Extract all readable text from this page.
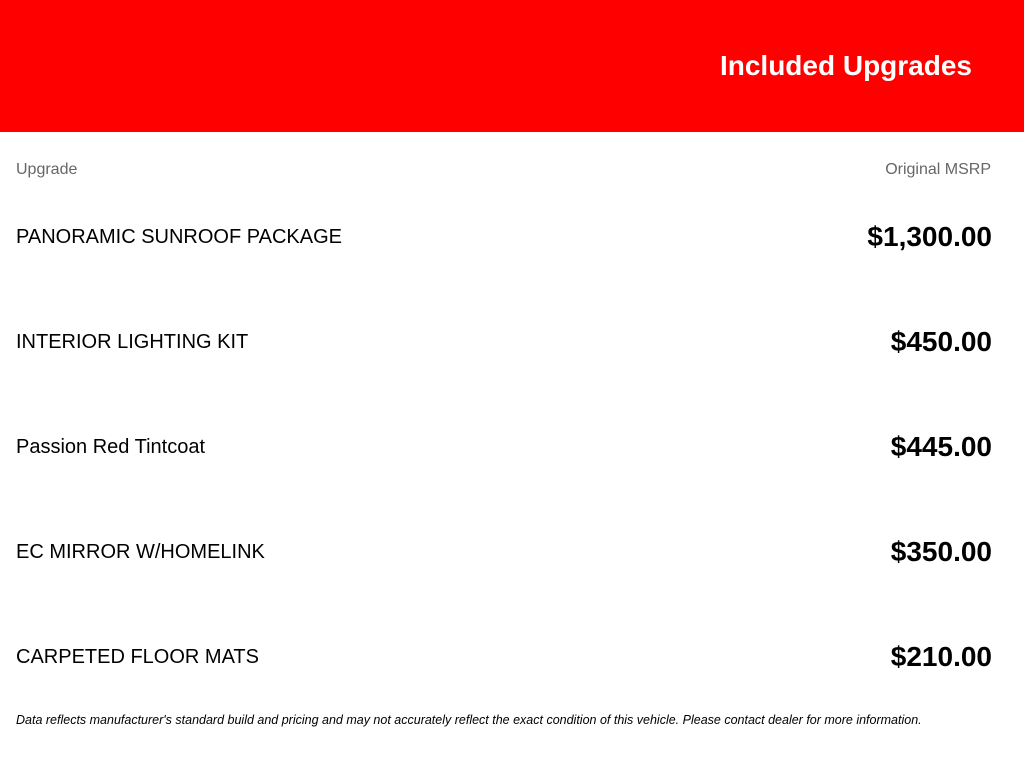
Included Upgrades
Upgrade	Original MSRP
PANORAMIC SUNROOF PACKAGE	$1,300.00
INTERIOR LIGHTING KIT	$450.00
Passion Red Tintcoat	$445.00
EC MIRROR W/HOMELINK	$350.00
CARPETED FLOOR MATS	$210.00
Data reflects manufacturer's standard build and pricing and may not accurately reflect the exact condition of this vehicle. Please contact dealer for more information.
